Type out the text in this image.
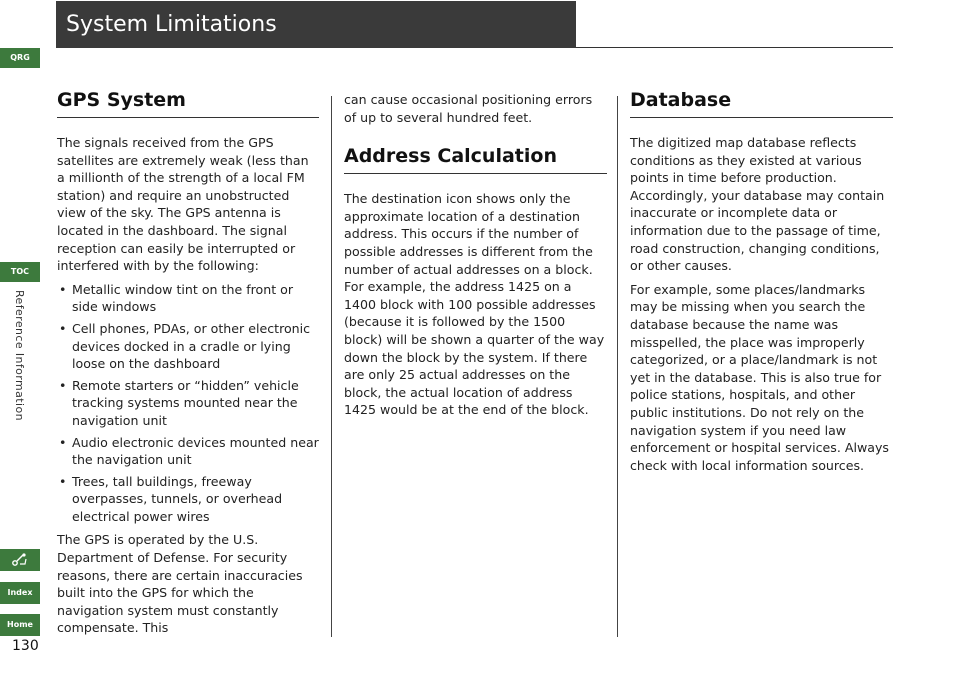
System Limitations
QRG
TOC
Reference Information
Index
Home
130
GPS System

The signals received from the GPS satellites are extremely weak (less than a millionth of the strength of a local FM station) and require an unobstructed view of the sky. The GPS antenna is located in the dashboard. The signal reception can easily be interrupted or interfered with by the following:

• Metallic window tint on the front or side windows
• Cell phones, PDAs, or other electronic devices docked in a cradle or lying loose on the dashboard
• Remote starters or “hidden” vehicle tracking systems mounted near the navigation unit
• Audio electronic devices mounted near the navigation unit
• Trees, tall buildings, freeway overpasses, tunnels, or overhead electrical power wires

The GPS is operated by the U.S. Department of Defense. For security reasons, there are certain inaccuracies built into the GPS for which the navigation system must constantly compensate. This

can cause occasional positioning errors of up to several hundred feet.

Address Calculation

The destination icon shows only the approximate location of a destination address. This occurs if the number of possible addresses is different from the number of actual addresses on a block. For example, the address 1425 on a 1400 block with 100 possible addresses (because it is followed by the 1500 block) will be shown a quarter of the way down the block by the system. If there are only 25 actual addresses on the block, the actual location of address 1425 would be at the end of the block.

Database

The digitized map database reflects conditions as they existed at various points in time before production. Accordingly, your database may contain inaccurate or incomplete data or information due to the passage of time, road construction, changing conditions, or other causes.

For example, some places/landmarks may be missing when you search the database because the name was misspelled, the place was improperly categorized, or a place/landmark is not yet in the database. This is also true for police stations, hospitals, and other public institutions. Do not rely on the navigation system if you need law enforcement or hospital services. Always check with local information sources.
